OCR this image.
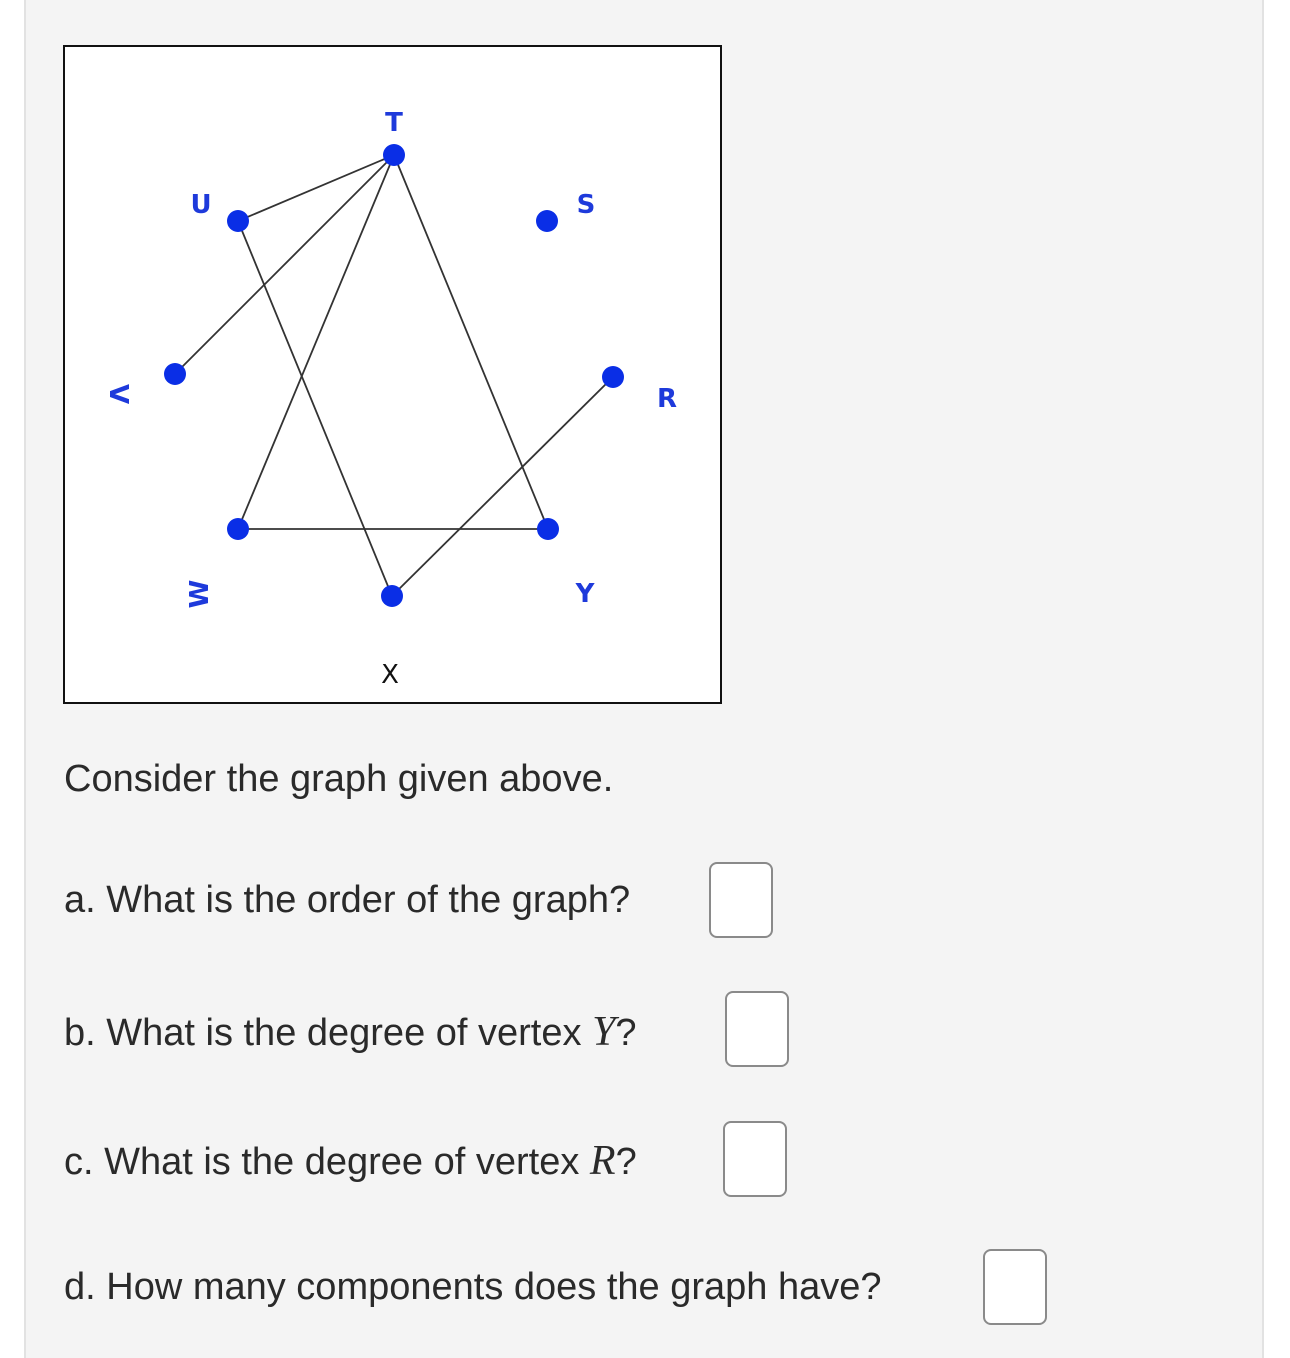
T
U	S
V	R
W	Y
X
Consider the graph given above.
a. What is the order of the graph?
b. What is the degree of vertex Y?
c. What is the degree of vertex R?
d. How many components does the graph have?
